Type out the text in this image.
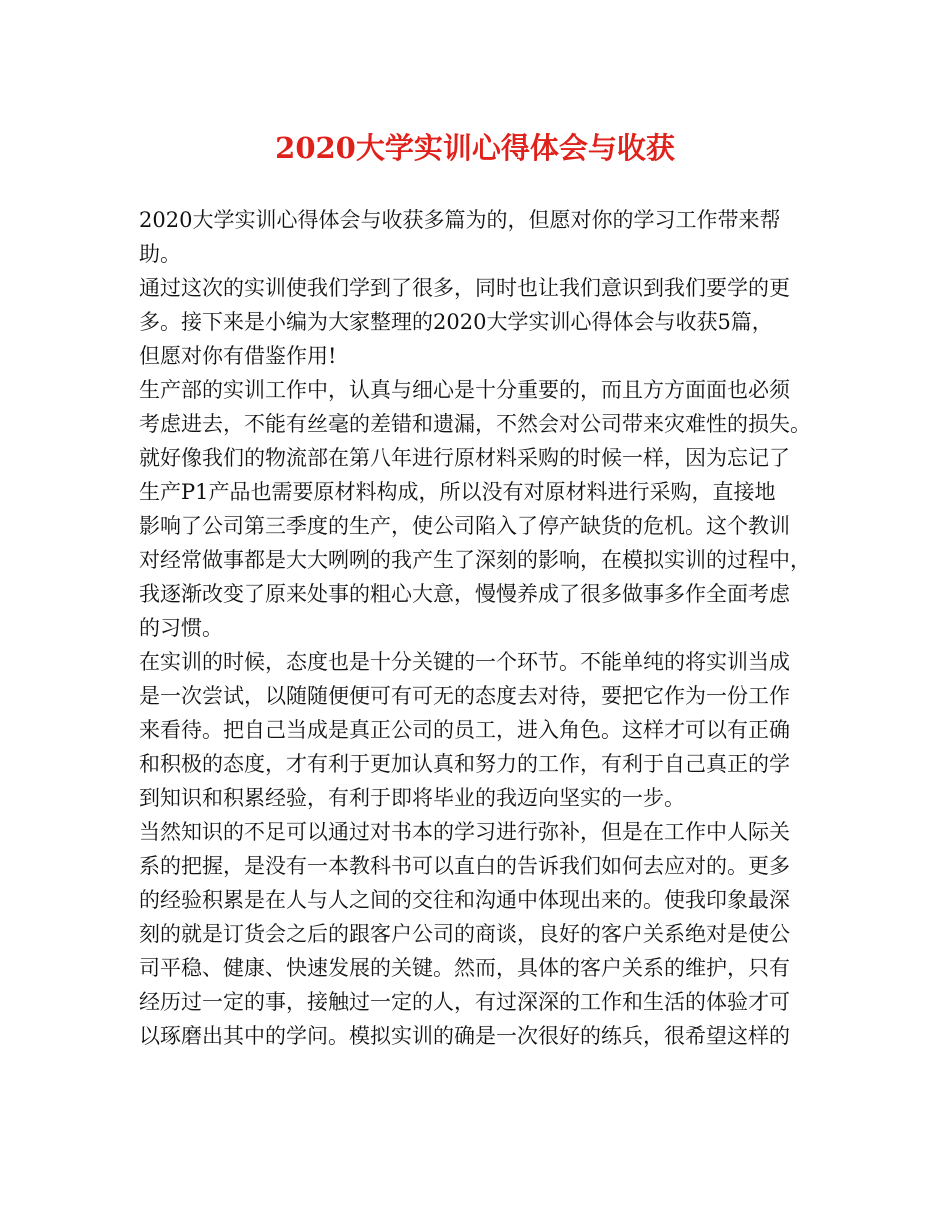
2020大学实训心得体会与收获
2020大学实训心得体会与收获多篇为的，但愿对你的学习工作带来帮
助。
通过这次的实训使我们学到了很多，同时也让我们意识到我们要学的更
多。接下来是小编为大家整理的2020大学实训心得体会与收获5篇，
但愿对你有借鉴作用!
生产部的实训工作中，认真与细心是十分重要的，而且方方面面也必须
考虑进去，不能有丝毫的差错和遗漏，不然会对公司带来灾难性的损失。
就好像我们的物流部在第八年进行原材料采购的时候一样，因为忘记了
生产P1产品也需要原材料构成，所以没有对原材料进行采购，直接地
影响了公司第三季度的生产，使公司陷入了停产缺货的危机。这个教训
对经常做事都是大大咧咧的我产生了深刻的影响，在模拟实训的过程中，
我逐渐改变了原来处事的粗心大意，慢慢养成了很多做事多作全面考虑
的习惯。
在实训的时候，态度也是十分关键的一个环节。不能单纯的将实训当成
是一次尝试，以随随便便可有可无的态度去对待，要把它作为一份工作
来看待。把自己当成是真正公司的员工，进入角色。这样才可以有正确
和积极的态度，才有利于更加认真和努力的工作，有利于自己真正的学
到知识和积累经验，有利于即将毕业的我迈向坚实的一步。
当然知识的不足可以通过对书本的学习进行弥补，但是在工作中人际关
系的把握，是没有一本教科书可以直白的告诉我们如何去应对的。更多
的经验积累是在人与人之间的交往和沟通中体现出来的。使我印象最深
刻的就是订货会之后的跟客户公司的商谈，良好的客户关系绝对是使公
司平稳、健康、快速发展的关键。然而，具体的客户关系的维护，只有
经历过一定的事，接触过一定的人，有过深深的工作和生活的体验才可
以琢磨出其中的学问。模拟实训的确是一次很好的练兵，很希望这样的
